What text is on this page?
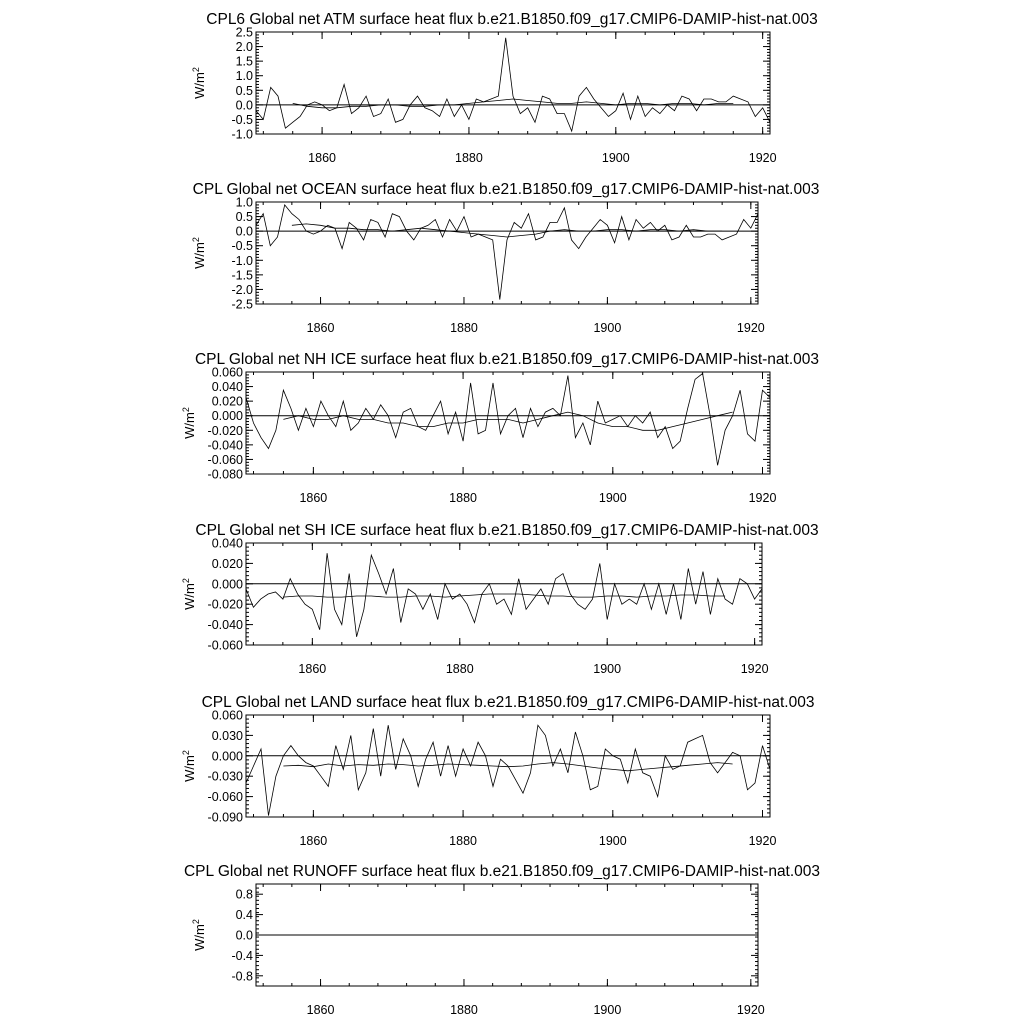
CPL6 Global net ATM surface heat flux b.e21.B1850.f09_g17.CMIP6-DAMIP-hist-nat.003
-1.0
-0.5
0.0
0.5
1.0
1.5
2.0
2.5
1860	1880	1900	1920
$W/m^2$
CPL Global net OCEAN surface heat flux b.e21.B1850.f09_g17.CMIP6-DAMIP-hist-nat.003
-2.5
-2.0
-1.5
-1.0
-0.5
0.0
0.5
1.0
1860	1880	1900	1920
$W/m^2$
CPL Global net NH ICE surface heat flux b.e21.B1850.f09_g17.CMIP6-DAMIP-hist-nat.003
-0.080
-0.060
-0.040
-0.020
0.000
0.020
0.040
0.060
1860	1880	1900	1920
$W/m^2$
CPL Global net SH ICE surface heat flux b.e21.B1850.f09_g17.CMIP6-DAMIP-hist-nat.003
-0.060
-0.040
-0.020
0.000
0.020
0.040
1860	1880	1900	1920
$W/m^2$
CPL Global net LAND surface heat flux b.e21.B1850.f09_g17.CMIP6-DAMIP-hist-nat.003
-0.090
-0.060
-0.030
0.000
0.030
0.060
1860	1880	1900	1920
$W/m^2$
CPL Global net RUNOFF surface heat flux b.e21.B1850.f09_g17.CMIP6-DAMIP-hist-nat.003
-0.8
-0.4
0.0
0.4
0.8
1860	1880	1900	1920
$W/m^2$
